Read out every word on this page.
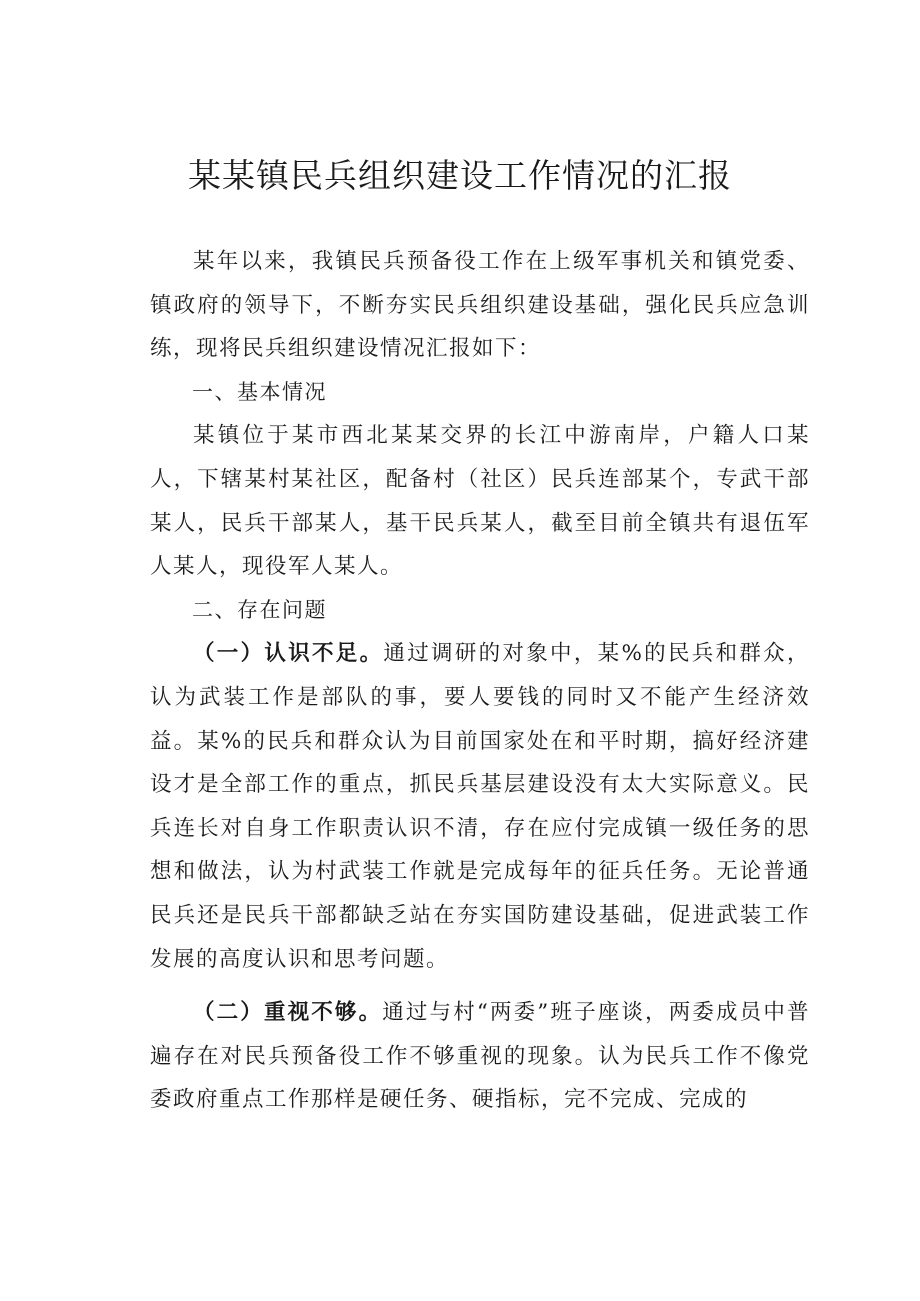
某某镇民兵组织建设工作情况的汇报

某年以来，我镇民兵预备役工作在上级军事机关和镇党委、镇政府的领导下，不断夯实民兵组织建设基础，强化民兵应急训练，现将民兵组织建设情况汇报如下：

一、基本情况

某镇位于某市西北某某交界的长江中游南岸，户籍人口某人，下辖某村某社区，配备村（社区）民兵连部某个，专武干部某人，民兵干部某人，基干民兵某人，截至目前全镇共有退伍军人某人，现役军人某人。

二、存在问题

（一）认识不足。通过调研的对象中，某%的民兵和群众，认为武装工作是部队的事，要人要钱的同时又不能产生经济效益。某%的民兵和群众认为目前国家处在和平时期，搞好经济建设才是全部工作的重点，抓民兵基层建设没有太大实际意义。民兵连长对自身工作职责认识不清，存在应付完成镇一级任务的思想和做法，认为村武装工作就是完成每年的征兵任务。无论普通民兵还是民兵干部都缺乏站在夯实国防建设基础，促进武装工作发展的高度认识和思考问题。

（二）重视不够。通过与村“两委”班子座谈，两委成员中普遍存在对民兵预备役工作不够重视的现象。认为民兵工作不像党委政府重点工作那样是硬任务、硬指标，完不完成、完成的
